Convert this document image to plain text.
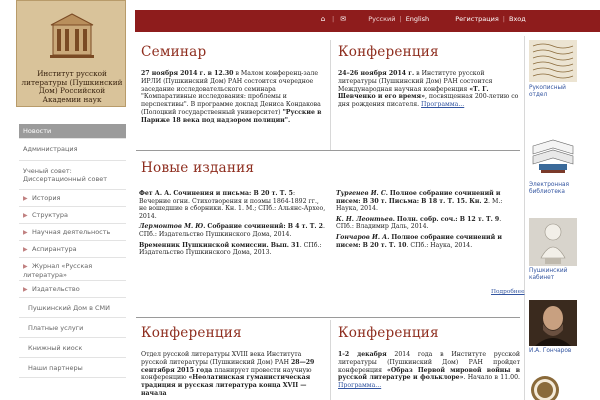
⌂	| ✉	Русский | English	Регистрация | Вход
Институт русской литературы (Пушкинский Дом) Российской Академии наук
Новости
Администрация
Ученый совет: Диссертационный совет
▶ История
▶ Структура
▶ Научная деятельность
▶ Аспирантура
▶ Журнал «Русская литература»
▶ Издательство
Пушкинский Дом в СМИ
Платные услуги
Книжный киоск
Наши партнеры
Семинар
27 ноября 2014 г. в 12.30 в Малом конференц-зале ИРЛИ (Пушкинский Дом) РАН состоится очередное заседание исследовательского семинара "Компаративные исследования: проблемы и перспективы". В программе доклад Дениса Кондакова (Полоцкий государственный университет) "Русские в Париже 18 века под надзором полиции".
Конференция
24–26 ноября 2014 г. в Институте русской литературы (Пушкинский Дом) РАН состоится Международная научная конференция «Т. Г. Шевченко и его время», посвященная 200-летию со дня рождения писателя. Программа...
Новые издания
Фет А. А. Сочинения и письма: В 20 т. Т. 5: Вечерние огни. Стихотворения и поэмы 1864-1892 гг., не вошедшие в сборники. Кн. 1. М.; СПб.: Альянс-Архео, 2014.
Лермонтов М. Ю. Собрание сочинений: В 4 т. Т. 2. СПб.: Издательство Пушкинского Дома, 2014.
Временник Пушкинской комиссии. Вып. 31. СПб.: Издательство Пушкинского Дома, 2013.
Тургенев И. С. Полное собрание сочинений и писем: В 30 т. Письма: В 18 т. Т. 15. Кн. 2. М.: Наука, 2014.
К. Н. Леонтьев. Полн. собр. соч.: В 12 т. Т. 9. СПб.: Владимир Даль, 2014.
Гончаров И. А. Полное собрание сочинений и писем: В 20 т. Т. 10. СПб.: Наука, 2014.
Подробнее
Конференция
Отдел русской литературы XVIII века Института русской литературы (Пушкинский Дом) РАН 28—29 сентября 2015 года планирует провести научную конференцию «Неолатинская гуманистическая традиция и русская литература конца XVII — начала
Конференция
1-2 декабря 2014 года в Институте русской литературы (Пушкинский Дом) РАН пройдет конференция «Образ Первой мировой войны в русской литературе и фольклоре». Начало в 11.00. Программа...
Рукописный отдел
Электронная библиотека
Пушкинский кабинет
И.А. Гончаров
